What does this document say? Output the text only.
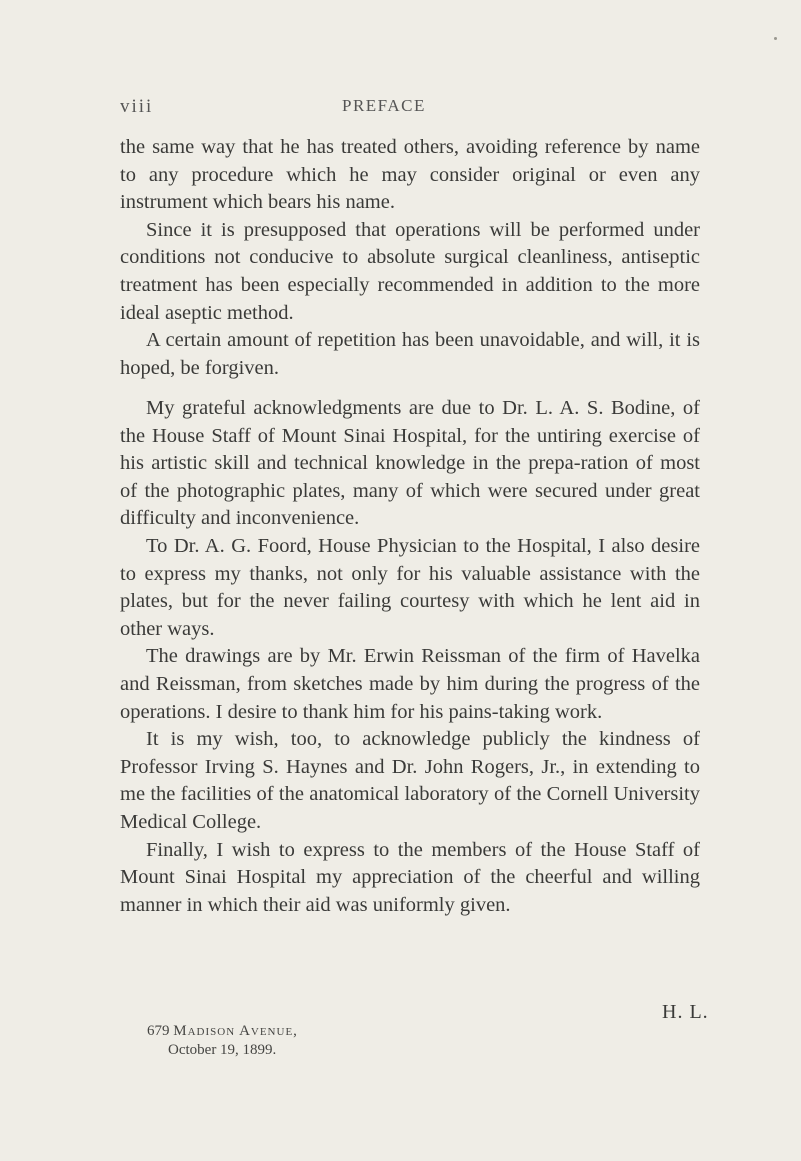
viii	PREFACE

the same way that he has treated others, avoiding reference by name to any procedure which he may consider original or even any instrument which bears his name.

Since it is presupposed that operations will be performed under conditions not conducive to absolute surgical cleanliness, antiseptic treatment has been especially recommended in addition to the more ideal aseptic method.

A certain amount of repetition has been unavoidable, and will, it is hoped, be forgiven.

My grateful acknowledgments are due to Dr. L. A. S. Bodine, of the House Staff of Mount Sinai Hospital, for the untiring exercise of his artistic skill and technical knowledge in the prepa-ration of most of the photographic plates, many of which were secured under great difficulty and inconvenience.

To Dr. A. G. Foord, House Physician to the Hospital, I also desire to express my thanks, not only for his valuable assistance with the plates, but for the never failing courtesy with which he lent aid in other ways.

The drawings are by Mr. Erwin Reissman of the firm of Havelka and Reissman, from sketches made by him during the progress of the operations. I desire to thank him for his pains-taking work.

It is my wish, too, to acknowledge publicly the kindness of Professor Irving S. Haynes and Dr. John Rogers, Jr., in extending to me the facilities of the anatomical laboratory of the Cornell University Medical College.

Finally, I wish to express to the members of the House Staff of Mount Sinai Hospital my appreciation of the cheerful and willing manner in which their aid was uniformly given.

H. L.
679 Madison Avenue,
October 19, 1899.
